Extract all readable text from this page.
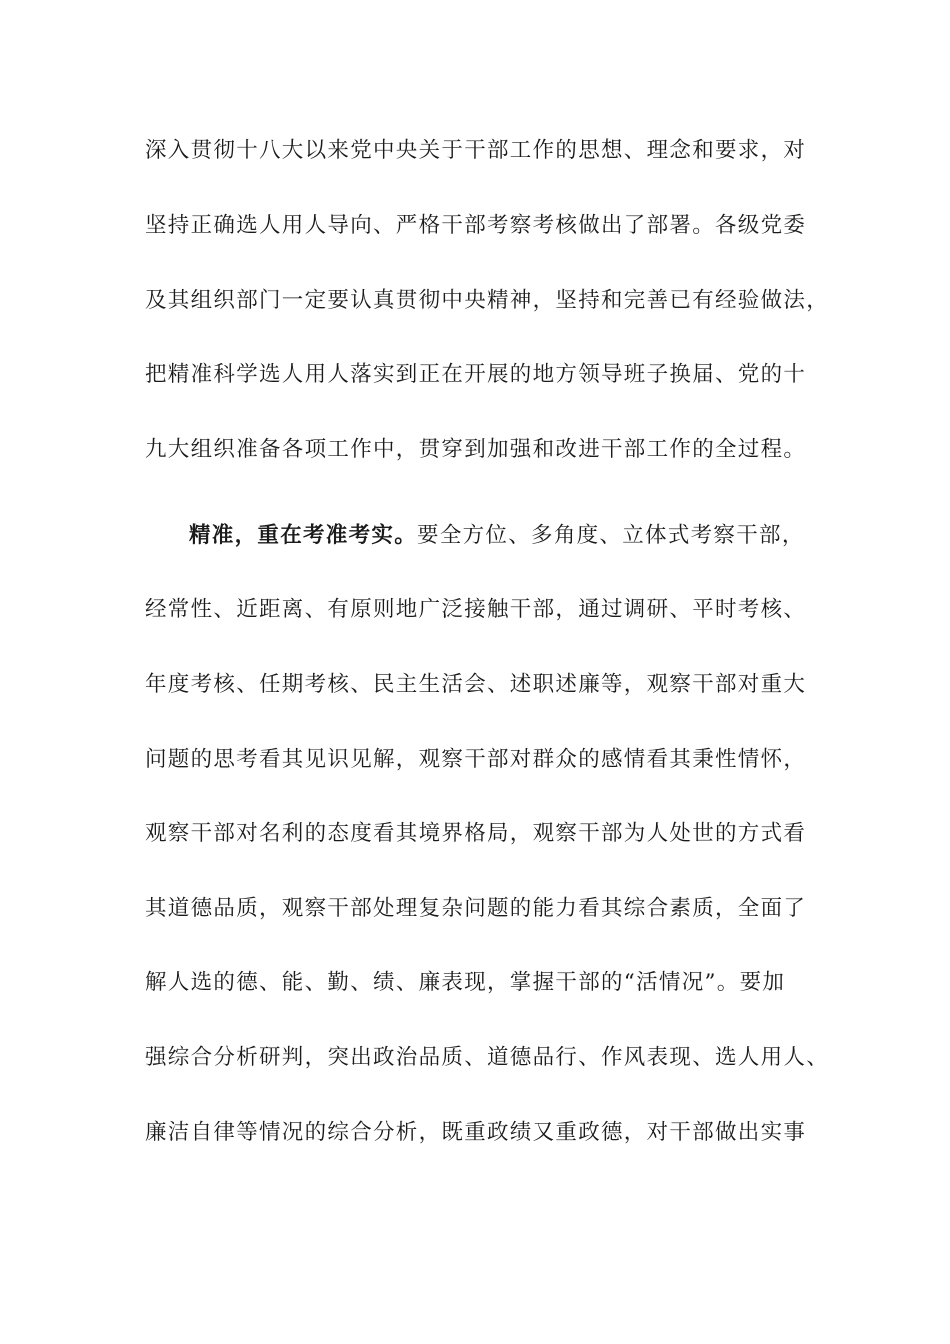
深入贯彻十八大以来党中央关于干部工作的思想、理念和要求，对
坚持正确选人用人导向、严格干部考察考核做出了部署。各级党委
及其组织部门一定要认真贯彻中央精神，坚持和完善已有经验做法，
把精准科学选人用人落实到正在开展的地方领导班子换届、党的十
九大组织准备各项工作中，贯穿到加强和改进干部工作的全过程。
精准，重在考准考实。要全方位、多角度、立体式考察干部，
经常性、近距离、有原则地广泛接触干部，通过调研、平时考核、
年度考核、任期考核、民主生活会、述职述廉等，观察干部对重大
问题的思考看其见识见解，观察干部对群众的感情看其秉性情怀，
观察干部对名利的态度看其境界格局，观察干部为人处世的方式看
其道德品质，观察干部处理复杂问题的能力看其综合素质，全面了
解人选的德、能、勤、绩、廉表现，掌握干部的“活情况”。要加
强综合分析研判，突出政治品质、道德品行、作风表现、选人用人、
廉洁自律等情况的综合分析，既重政绩又重政德，对干部做出实事
